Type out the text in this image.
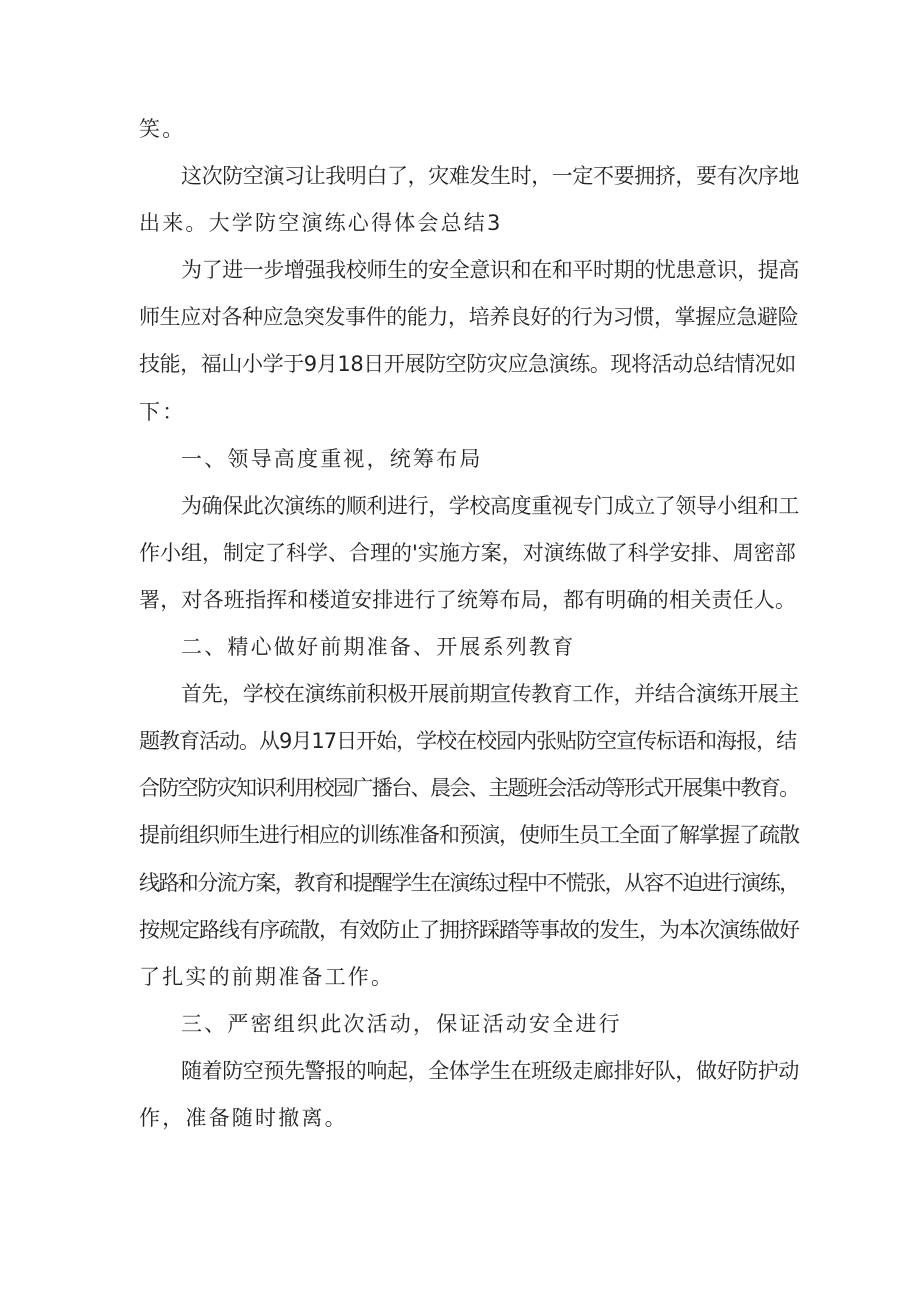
笑。

这次防空演习让我明白了，灾难发生时，一定不要拥挤，要有次序地
出来。大学防空演练心得体会总结3

为了进一步增强我校师生的安全意识和在和平时期的忧患意识，提高
师生应对各种应急突发事件的能力，培养良好的行为习惯，掌握应急避险
技能，福山小学于9月18日开展防空防灾应急演练。现将活动总结情况如
下：

一、领导高度重视，统筹布局

为确保此次演练的顺利进行，学校高度重视专门成立了领导小组和工
作小组，制定了科学、合理的'实施方案，对演练做了科学安排、周密部
署，对各班指挥和楼道安排进行了统筹布局，都有明确的相关责任人。

二、精心做好前期准备、开展系列教育

首先，学校在演练前积极开展前期宣传教育工作，并结合演练开展主
题教育活动。从9月17日开始，学校在校园内张贴防空宣传标语和海报，结
合防空防灾知识利用校园广播台、晨会、主题班会活动等形式开展集中教育。
提前组织师生进行相应的训练准备和预演，使师生员工全面了解掌握了疏散
线路和分流方案，教育和提醒学生在演练过程中不慌张，从容不迫进行演练，
按规定路线有序疏散，有效防止了拥挤踩踏等事故的发生，为本次演练做好
了扎实的前期准备工作。

三、严密组织此次活动，保证活动安全进行

随着防空预先警报的响起，全体学生在班级走廊排好队，做好防护动
作，准备随时撤离。
